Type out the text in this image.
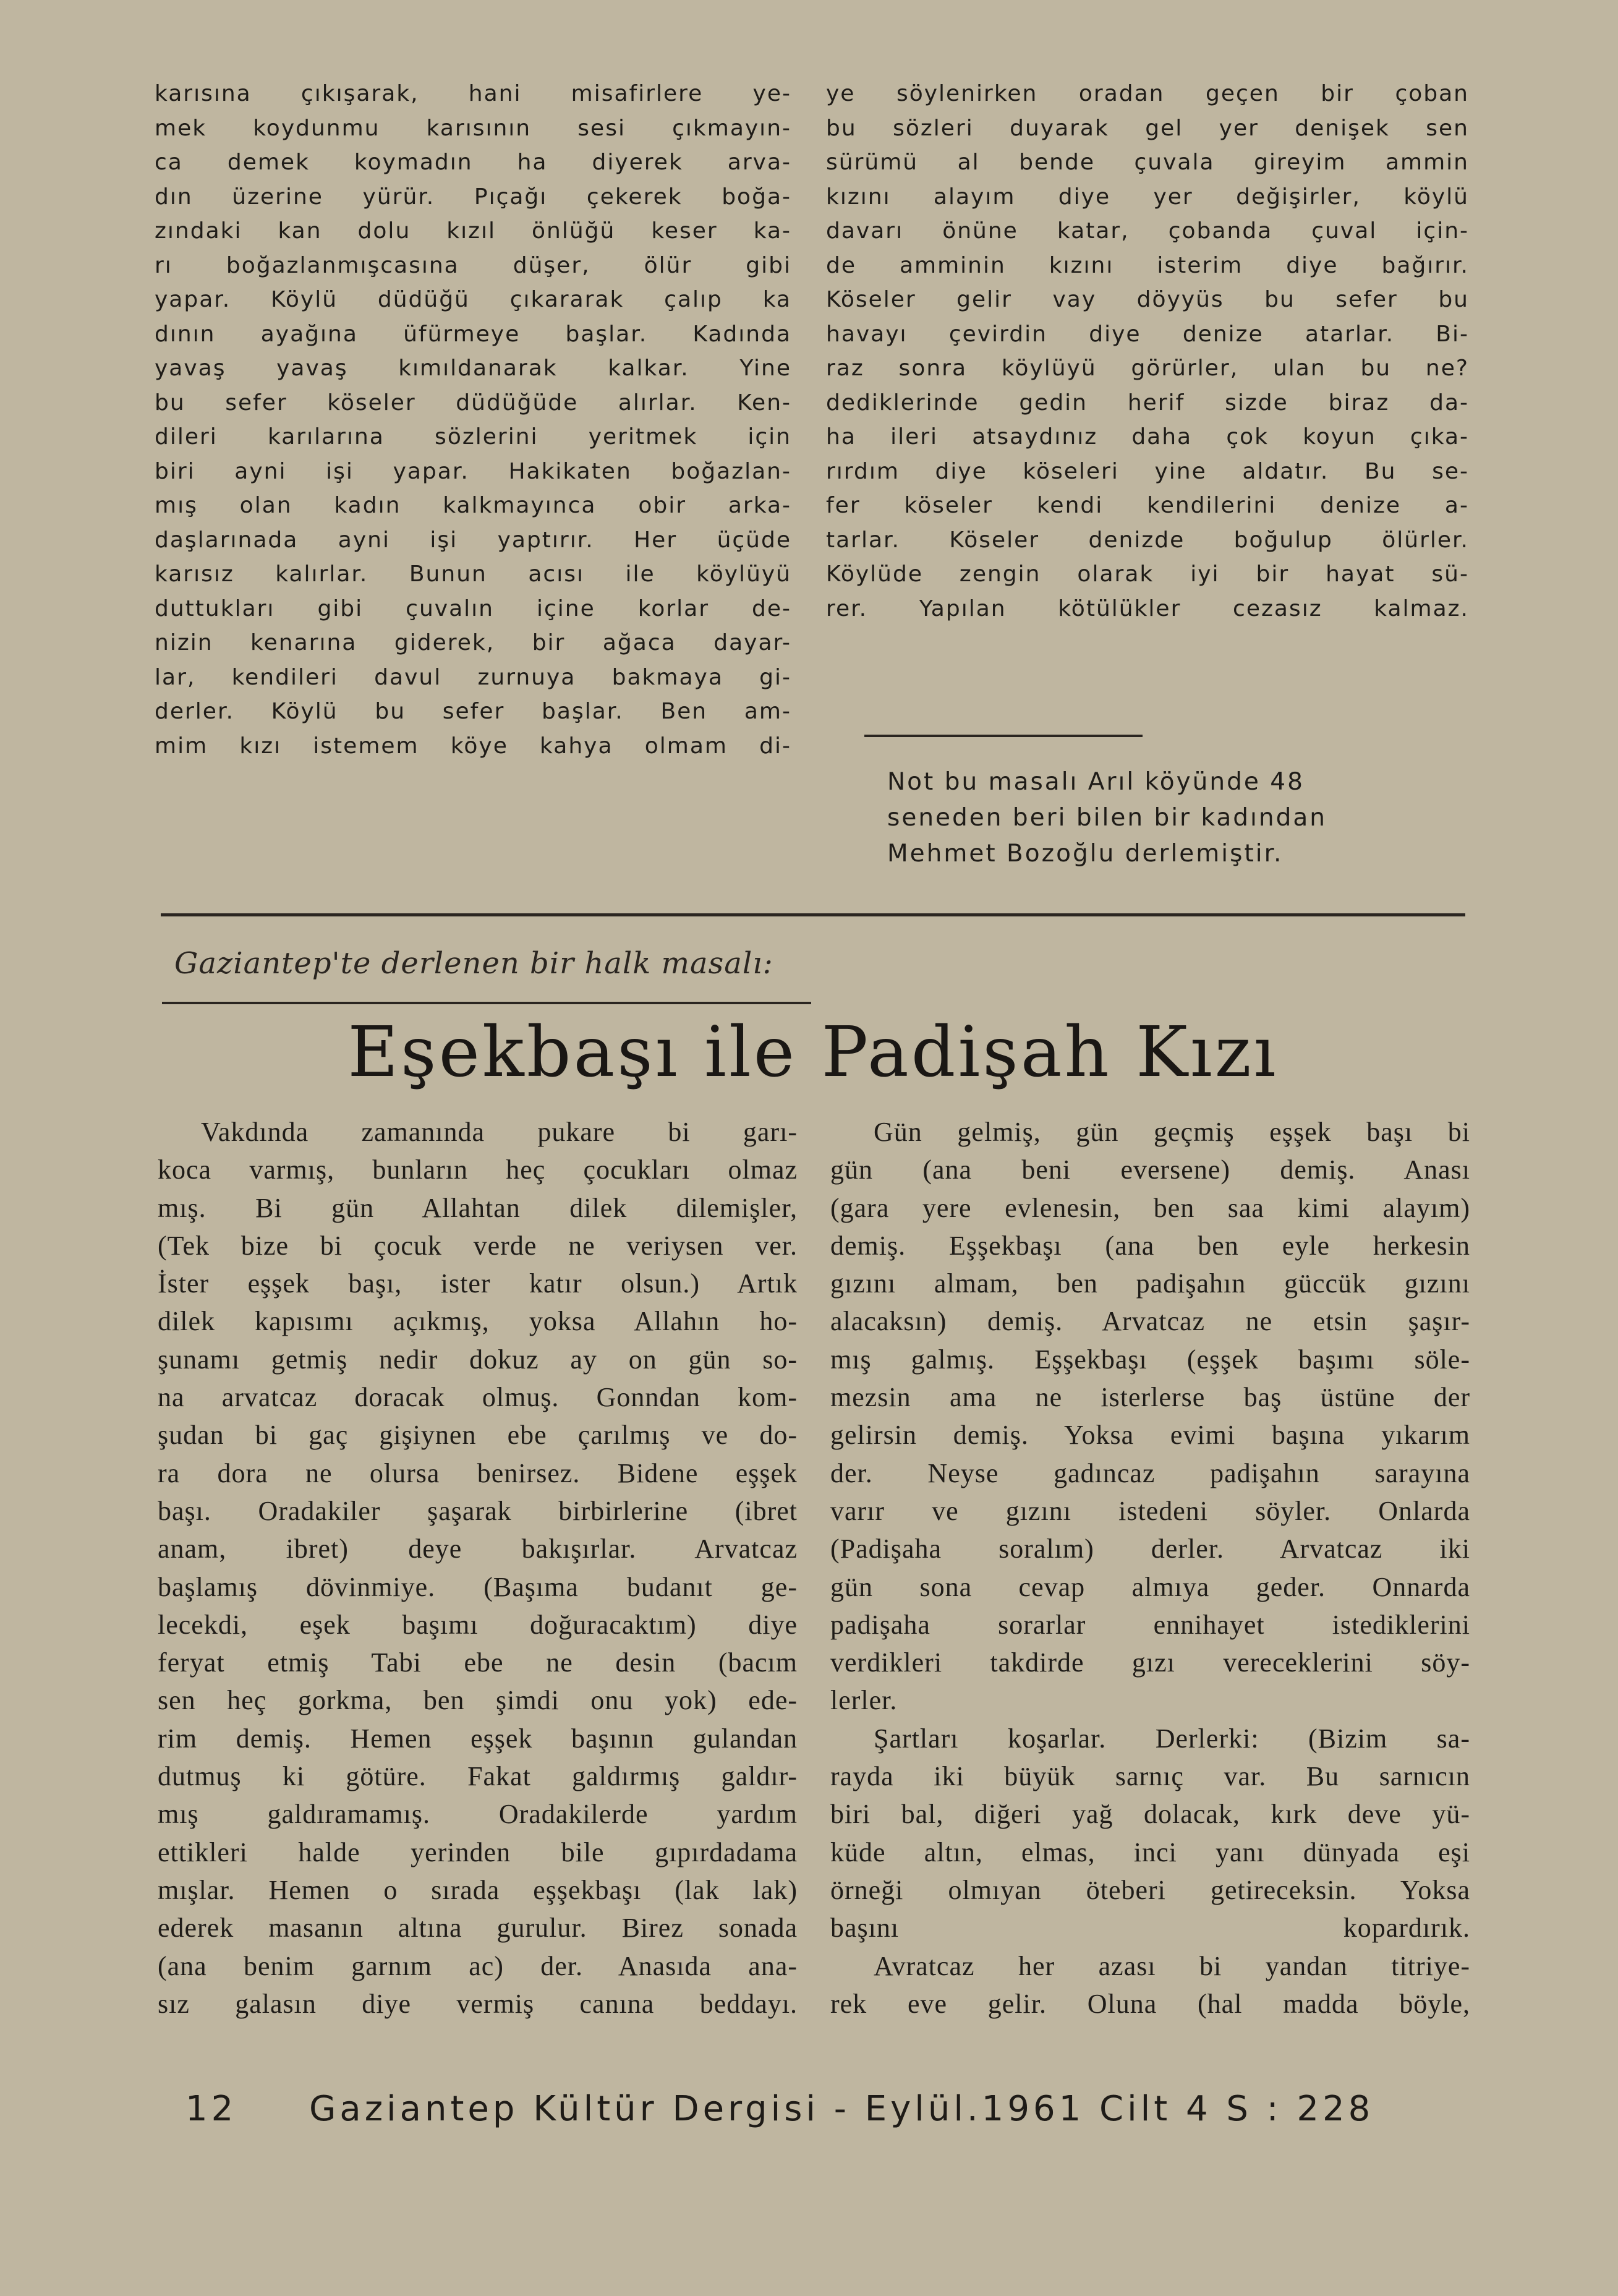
karısına çıkışarak, hani misafirlere ye-
mek koydunmu karısının sesi çıkmayın-
ca demek koymadın ha diyerek arva-
dın üzerine yürür. Pıçağı çekerek boğa-
zındaki kan dolu kızıl önlüğü keser ka-
rı boğazlanmışcasına düşer, ölür gibi
yapar. Köylü düdüğü çıkararak çalıp ka
dının ayağına üfürmeye başlar. Kadında
yavaş yavaş kımıldanarak kalkar. Yine
bu sefer köseler düdüğüde alırlar. Ken-
dileri karılarına sözlerini yeritmek için
biri ayni işi yapar. Hakikaten boğazlan-
mış olan kadın kalkmayınca obir arka-
daşlarınada ayni işi yaptırır. Her üçüde
karısız kalırlar. Bunun acısı ile köylüyü
duttukları gibi çuvalın içine korlar de-
nizin kenarına giderek, bir ağaca dayar-
lar, kendileri davul zurnuya bakmaya gi-
derler. Köylü bu sefer başlar. Ben am-
mim kızı istemem köye kahya olmam di-
ye söylenirken oradan geçen bir çoban
bu sözleri duyarak gel yer denişek sen
sürümü al bende çuvala gireyim ammin
kızını alayım diye yer değişirler, köylü
davarı önüne katar, çobanda çuval için-
de amminin kızını isterim diye bağırır.
Köseler gelir vay döyyüs bu sefer bu
havayı çevirdin diye denize atarlar. Bi-
raz sonra köylüyü görürler, ulan bu ne?
dediklerinde gedin herif sizde biraz da-
ha ileri atsaydınız daha çok koyun çıka-
rırdım diye köseleri yine aldatır. Bu se-
fer köseler kendi kendilerini denize a-
tarlar. Köseler denizde boğulup ölürler.
Köylüde zengin olarak iyi bir hayat sü-
rer. Yapılan kötülükler cezasız kalmaz.
Not bu masalı Arıl köyünde 48
seneden beri bilen bir kadından
Mehmet Bozoğlu derlemiştir.
Gaziantep'te derlenen bir halk masalı:
Eşekbaşı ile Padişah Kızı
Vakdında zamanında pukare bi garı-
koca varmış, bunların heç çocukları olmaz
mış. Bi gün Allahtan dilek dilemişler,
(Tek bize bi çocuk verde ne veriysen ver.
İster eşşek başı, ister katır olsun.) Artık
dilek kapısımı açıkmış, yoksa Allahın ho-
şunamı getmiş nedir dokuz ay on gün so-
na arvatcaz doracak olmuş. Gonndan kom-
şudan bi gaç gişiynen ebe çarılmış ve do-
ra dora ne olursa benirsez. Bidene eşşek
başı. Oradakiler şaşarak birbirlerine (ibret
anam, ibret) deye bakışırlar. Arvatcaz
başlamış dövinmiye. (Başıma budanıt ge-
lecekdi, eşek başımı doğuracaktım) diye
feryat etmiş Tabi ebe ne desin (bacım
sen heç gorkma, ben şimdi onu yok) ede-
rim demiş. Hemen eşşek başının gulandan
dutmuş ki götüre. Fakat galdırmış galdır-
mış galdıramamış. Oradakilerde yardım
ettikleri halde yerinden bile gıpırdadama
mışlar. Hemen o sırada eşşekbaşı (lak lak)
ederek masanın altına gurulur. Birez sonada
(ana benim garnım ac) der. Anasıda ana-
sız galasın diye vermiş canına beddayı.
Gün gelmiş, gün geçmiş eşşek başı bi
gün (ana beni eversene) demiş. Anası
(gara yere evlenesin, ben saa kimi alayım)
demiş. Eşşekbaşı (ana ben eyle herkesin
gızını almam, ben padişahın güccük gızını
alacaksın) demiş. Arvatcaz ne etsin şaşır-
mış galmış. Eşşekbaşı (eşşek başımı söle-
mezsin ama ne isterlerse baş üstüne der
gelirsin demiş. Yoksa evimi başına yıkarım
der. Neyse gadıncaz padişahın sarayına
varır ve gızını istedeni söyler. Onlarda
(Padişaha soralım) derler. Arvatcaz iki
gün sona cevap almıya geder. Onnarda
padişaha sorarlar ennihayet istediklerini
verdikleri takdirde gızı vereceklerini söy-
lerler.
Şartları koşarlar. Derlerki: (Bizim sa-
rayda iki büyük sarnıç var. Bu sarnıcın
biri bal, diğeri yağ dolacak, kırk deve yü-
küde altın, elmas, inci yanı dünyada eşi
örneği olmıyan öteberi getireceksin. Yoksa
başını kopardırık.
Avratcaz her azası bi yandan titriye-
rek eve gelir. Oluna (hal madda böyle,
12 Gaziantep Kültür Dergisi - Eylül.1961 Cilt 4 S : 228
